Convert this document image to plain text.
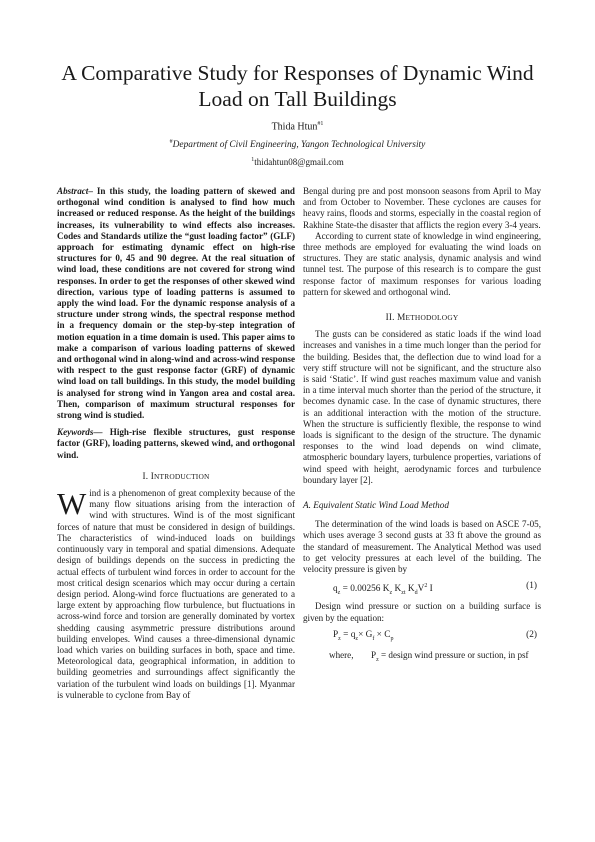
A Comparative Study for Responses of Dynamic Wind Load on Tall Buildings
Thida Htun$^{\#1}$
#Department of Civil Engineering, Yangon Technological University
$^1$thidahtun08@gmail.com

Abstract– In this study, the loading pattern of skewed and orthogonal wind condition is analysed to find how much increased or reduced response. As the height of the buildings increases, its vulnerability to wind effects also increases. Codes and Standards utilize the “gust loading factor” (GLF) approach for estimating dynamic effect on high-rise structures for 0, 45 and 90 degree. At the real situation of wind load, these conditions are not covered for strong wind responses. In order to get the responses of other skewed wind direction, various type of loading patterns is assumed to apply the wind load. For the dynamic response analysis of a structure under strong winds, the spectral response method in a frequency domain or the step-by-step integration of motion equation in a time domain is used. This paper aims to make a comparison of various loading patterns of skewed and orthogonal wind in along-wind and across-wind response with respect to the gust response factor (GRF) of dynamic wind load on tall buildings. In this study, the model building is analysed for strong wind in Yangon area and costal area. Then, comparison of maximum structural responses for strong wind is studied.

Keywords— High-rise flexible structures, gust response factor (GRF), loading patterns, skewed wind, and orthogonal wind.

I. INTRODUCTION

Wind is a phenomenon of great complexity because of the many flow situations arising from the interaction of wind with structures. Wind is of the most significant forces of nature that must be considered in design of buildings. The characteristics of wind-induced loads on buildings continuously vary in temporal and spatial dimensions. Adequate design of buildings depends on the success in predicting the actual effects of turbulent wind forces in order to account for the most critical design scenarios which may occur during a certain design period. Along-wind force fluctuations are generated to a large extent by approaching flow turbulence, but fluctuations in across-wind force and torsion are generally dominated by vortex shedding causing asymmetric pressure distributions around building envelopes. Wind causes a three-dimensional dynamic load which varies on building surfaces in both, space and time. Meteorological data, geographical information, in addition to building geometries and surroundings affect significantly the variation of the turbulent wind loads on buildings [1]. Myanmar is vulnerable to cyclone from Bay of

Bengal during pre and post monsoon seasons from April to May and from October to November. These cyclones are causes for heavy rains, floods and storms, especially in the coastal region of Rakhine State-the disaster that afflicts the region every 3-4 years.

According to current state of knowledge in wind engineering, three methods are employed for evaluating the wind loads on structures. They are static analysis, dynamic analysis and wind tunnel test. The purpose of this research is to compare the gust response factor of maximum responses for various loading pattern for skewed and orthogonal wind.

II. METHODOLOGY

The gusts can be considered as static loads if the wind load increases and vanishes in a time much longer than the period for the building. Besides that, the deflection due to wind load for a very stiff structure will not be significant, and the structure also is said ‘Static’. If wind gust reaches maximum value and vanish in a time interval much shorter than the period of the structure, it becomes dynamic case. In the case of dynamic structures, there is an additional interaction with the motion of the structure. When the structure is sufficiently flexible, the response to wind loads is significant to the design of the structure. The dynamic responses to the wind load depends on wind climate, atmospheric boundary layers, turbulence properties, variations of wind speed with height, aerodynamic forces and turbulence boundary layer [2].

A. Equivalent Static Wind Load Method

The determination of the wind loads is based on ASCE 7-05, which uses average 3 second gusts at 33 ft above the ground as the standard of measurement. The Analytical Method was used to get velocity pressures at each level of the building. The velocity pressure is given by

$q_z = 0.00256$ $K_z$ $K_{zt}$ $K_dV^2$ I	(1)

Design wind pressure or suction on a building surface is given by the equation:

$P_z = q_z\times G_f \times C_p$	(2)
where, $P_z$ = design wind pressure or suction, in psf
